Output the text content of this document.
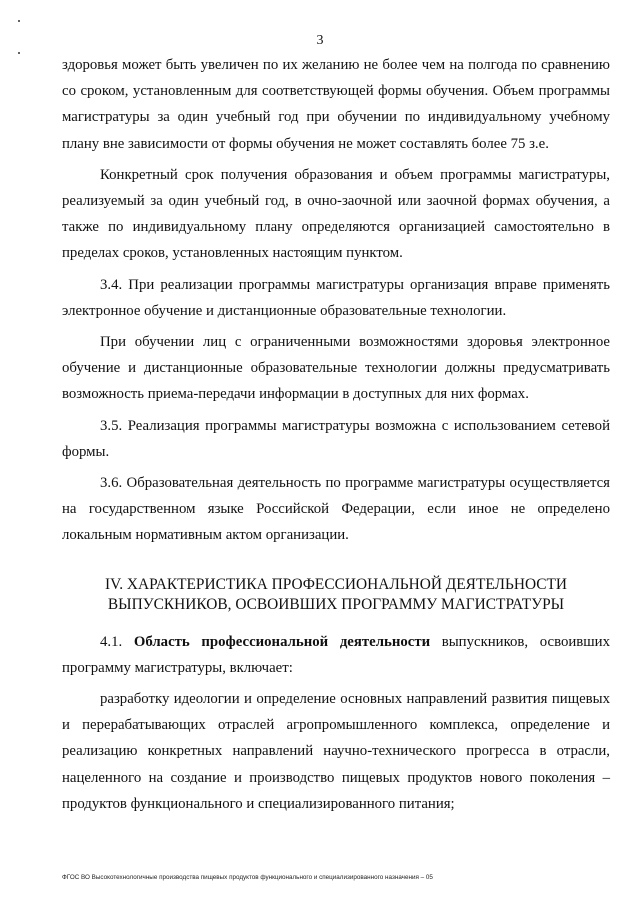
3

здоровья может быть увеличен по их желанию не более чем на полгода по сравнению со сроком, установленным для соответствующей формы обучения. Объем программы магистратуры за один учебный год при обучении по индивидуальному учебному плану вне зависимости от формы обучения не может составлять более 75 з.е.

Конкретный срок получения образования и объем программы магистратуры, реализуемый за один учебный год, в очно-заочной или заочной формах обучения, а также по индивидуальному плану определяются организацией самостоятельно в пределах сроков, установленных настоящим пунктом.

3.4. При реализации программы магистратуры организация вправе применять электронное обучение и дистанционные образовательные технологии.

При обучении лиц с ограниченными возможностями здоровья электронное обучение и дистанционные образовательные технологии должны предусматривать возможность приема-передачи информации в доступных для них формах.

3.5. Реализация программы магистратуры возможна с использованием сетевой формы.

3.6. Образовательная деятельность по программе магистратуры осуществляется на государственном языке Российской Федерации, если иное не определено локальным нормативным актом организации.

IV. ХАРАКТЕРИСТИКА ПРОФЕССИОНАЛЬНОЙ ДЕЯТЕЛЬНОСТИ
ВЫПУСКНИКОВ, ОСВОИВШИХ ПРОГРАММУ МАГИСТРАТУРЫ

4.1. Область профессиональной деятельности выпускников, освоивших программу магистратуры, включает:

разработку идеологии и определение основных направлений развития пищевых и перерабатывающих отраслей агропромышленного комплекса, определение и реализацию конкретных направлений научно-технического прогресса в отрасли, нацеленного на создание и производство пищевых продуктов нового поколения – продуктов функционального и специализированного питания;

ФГОС ВО Высокотехнологичные производства пищевых продуктов функционального и специализированного назначения – 05
